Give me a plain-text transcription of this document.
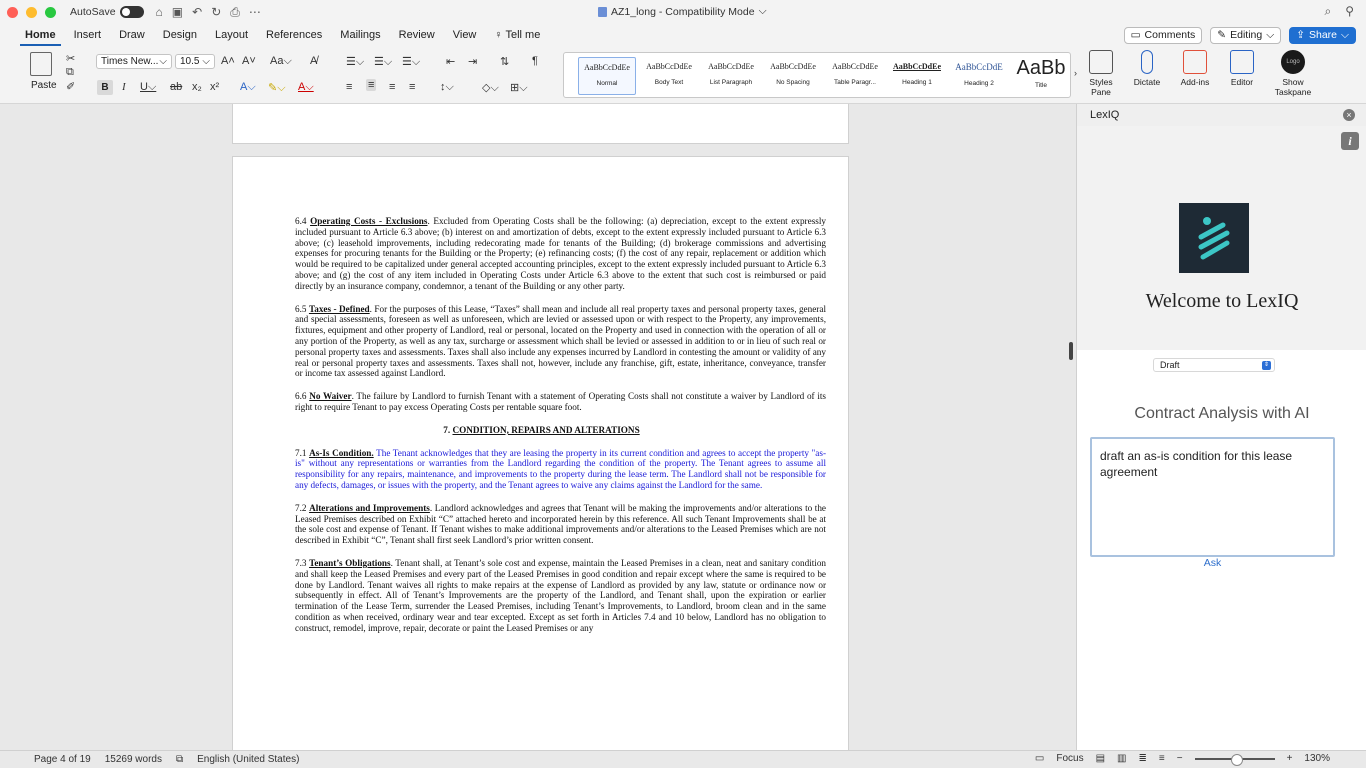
AutoSave	⌂ ▣ ↶ ↻ ⎙ ⋯	AZ1_long - Compatibility Mode ⌵	⌕ ⚲
Home	Insert	Draw	Design	Layout	References	Mailings	Review	View	♀ Tell me	▭ Comments ✎ Editing ⌵ ⇪ Share ⌵
Paste
✂
⧉
✐
Times New... ⌵	10.5 ⌵ A˄ A˅ Aa⌵ A̸
B	I U⌵ ab x₂ x² A⌵ ✎⌵ A⌵
☰⌵ ☰⌵ ☰⌵ ⇤ ⇥ ⇅ ¶
≡ ≡ ≡ ≡ ↕⌵	◇⌵ ⊞⌵
AaBbCcDdEe
Normal
AaBbCcDdEe
Body Text
AaBbCcDdEe
List Paragraph
AaBbCcDdEe
No Spacing
AaBbCcDdEe
Table Paragr...
AaBbCcDdEe
Heading 1
AaBbCcDdE
Heading 2
AaBb
Title
›
Styles Pane
Dictate	Add-ins	Editor
Logo
Show Taskpane

6.4 Operating Costs - Exclusions. Excluded from Operating Costs shall be the following: (a) depreciation, except to the extent expressly included pursuant to Article 6.3 above; (b) interest on and amortization of debts, except to the extent expressly included pursuant to Article 6.3 above; (c) leasehold improvements, including redecorating made for tenants of the Building; (d) brokerage commissions and advertising expenses for procuring tenants for the Building or the Property; (e) refinancing costs; (f) the cost of any repair, replacement or addition which would be required to be capitalized under general accepted accounting principles, except to the extent expressly included pursuant to Article 6.3 above; and (g) the cost of any item included in Operating Costs under Article 6.3 above to the extent that such cost is reimbursed or paid directly by an insurance company, condemnor, a tenant of the Building or any other party.

6.5 Taxes - Defined. For the purposes of this Lease, “Taxes” shall mean and include all real property taxes and personal property taxes, general and special assessments, foreseen as well as unforeseen, which are levied or assessed upon or with respect to the Property, any improvements, fixtures, equipment and other property of Landlord, real or personal, located on the Property and used in connection with the operation of all or any portion of the Property, as well as any tax, surcharge or assessment which shall be levied or assessed in addition to or in lieu of such real or personal property taxes and assessments. Taxes shall also include any expenses incurred by Landlord in contesting the amount or validity of any real or personal property taxes and assessments. Taxes shall not, however, include any franchise, gift, estate, inheritance, conveyance, transfer or income tax assessed against Landlord.

6.6 No Waiver. The failure by Landlord to furnish Tenant with a statement of Operating Costs shall not constitute a waiver by Landlord of its right to require Tenant to pay excess Operating Costs per rentable square foot.

7. CONDITION, REPAIRS AND ALTERATIONS

7.1 As-Is Condition. The Tenant acknowledges that they are leasing the property in its current condition and agrees to accept the property "as-is" without any representations or warranties from the Landlord regarding the condition of the property. The Tenant agrees to assume all responsibility for any repairs, maintenance, and improvements to the property during the lease term. The Landlord shall not be responsible for any defects, damages, or issues with the property, and the Tenant agrees to waive any claims against the Landlord for the same.

7.2 Alterations and Improvements. Landlord acknowledges and agrees that Tenant will be making the improvements and/or alterations to the Leased Premises described on Exhibit “C” attached hereto and incorporated herein by this reference. All such Tenant Improvements shall be at the sole cost and expense of Tenant. If Tenant wishes to make additional improvements and/or alterations to the Leased Premises which are not described in Exhibit “C”, Tenant shall first seek Landlord’s prior written consent.

7.3 Tenant’s Obligations. Tenant shall, at Tenant’s sole cost and expense, maintain the Leased Premises in a clean, neat and sanitary condition and shall keep the Leased Premises and every part of the Leased Premises in good condition and repair except where the same is required to be done by Landlord. Tenant waives all rights to make repairs at the expense of Landlord as provided by any law, statute or ordinance now or subsequently in effect. All of Tenant’s Improvements are the property of the Landlord, and Tenant shall, upon the expiration or earlier termination of the Lease Term, surrender the Leased Premises, including Tenant’s Improvements, to Landlord, broom clean and in the same condition as when received, ordinary wear and tear excepted. Except as set forth in Articles 7.4 and 10 below, Landlord has no obligation to construct, remodel, improve, repair, decorate or paint the Leased Premises or any

LexIQ	×
i
Welcome to LexIQ
Draft	⇕
Contract Analysis with AI
draft an as-is condition for this lease agreement
Ask
Page 4 of 19 15269 words ⧉ English (United States)	▭ Focus ▤ ▥ ≣ ≡ −	+ 130%
